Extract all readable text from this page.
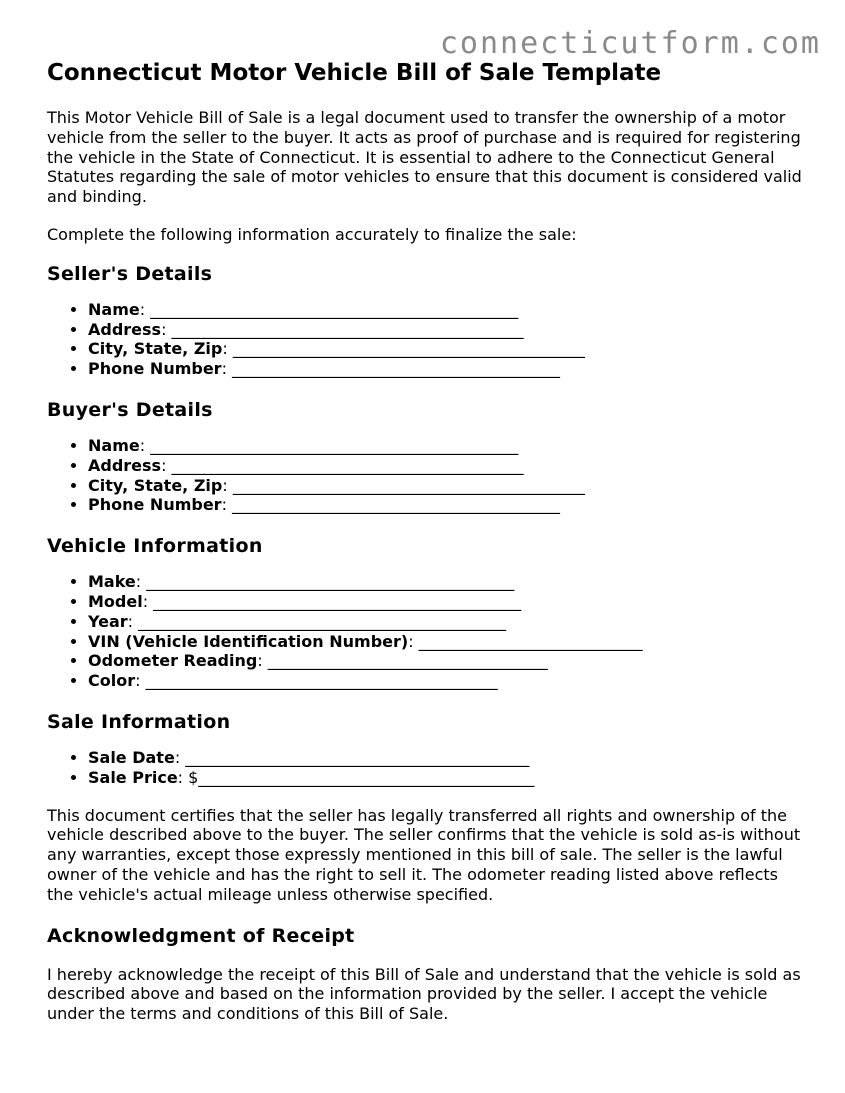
connecticutform.com
Connecticut Motor Vehicle Bill of Sale Template

This Motor Vehicle Bill of Sale is a legal document used to transfer the ownership of a motor vehicle from the seller to the buyer. It acts as proof of purchase and is required for registering the vehicle in the State of Connecticut. It is essential to adhere to the Connecticut General Statutes regarding the sale of motor vehicles to ensure that this document is considered valid and binding.

Complete the following information accurately to finalize the sale:

Seller's Details
• Name: ______________________________________________
• Address: ____________________________________________
• City, State, Zip: ____________________________________________
• Phone Number: _________________________________________
Buyer's Details
• Name: ______________________________________________
• Address: ____________________________________________
• City, State, Zip: ____________________________________________
• Phone Number: _________________________________________
Vehicle Information
• Make: ______________________________________________
• Model: ______________________________________________
• Year: ______________________________________________
• VIN (Vehicle Identification Number): ____________________________
• Odometer Reading: ___________________________________
• Color: ____________________________________________
Sale Information
• Sale Date: ___________________________________________
• Sale Price: $__________________________________________

This document certifies that the seller has legally transferred all rights and ownership of the vehicle described above to the buyer. The seller confirms that the vehicle is sold as-is without any warranties, except those expressly mentioned in this bill of sale. The seller is the lawful owner of the vehicle and has the right to sell it. The odometer reading listed above reflects the vehicle's actual mileage unless otherwise specified.

Acknowledgment of Receipt

I hereby acknowledge the receipt of this Bill of Sale and understand that the vehicle is sold as described above and based on the information provided by the seller. I accept the vehicle under the terms and conditions of this Bill of Sale.
